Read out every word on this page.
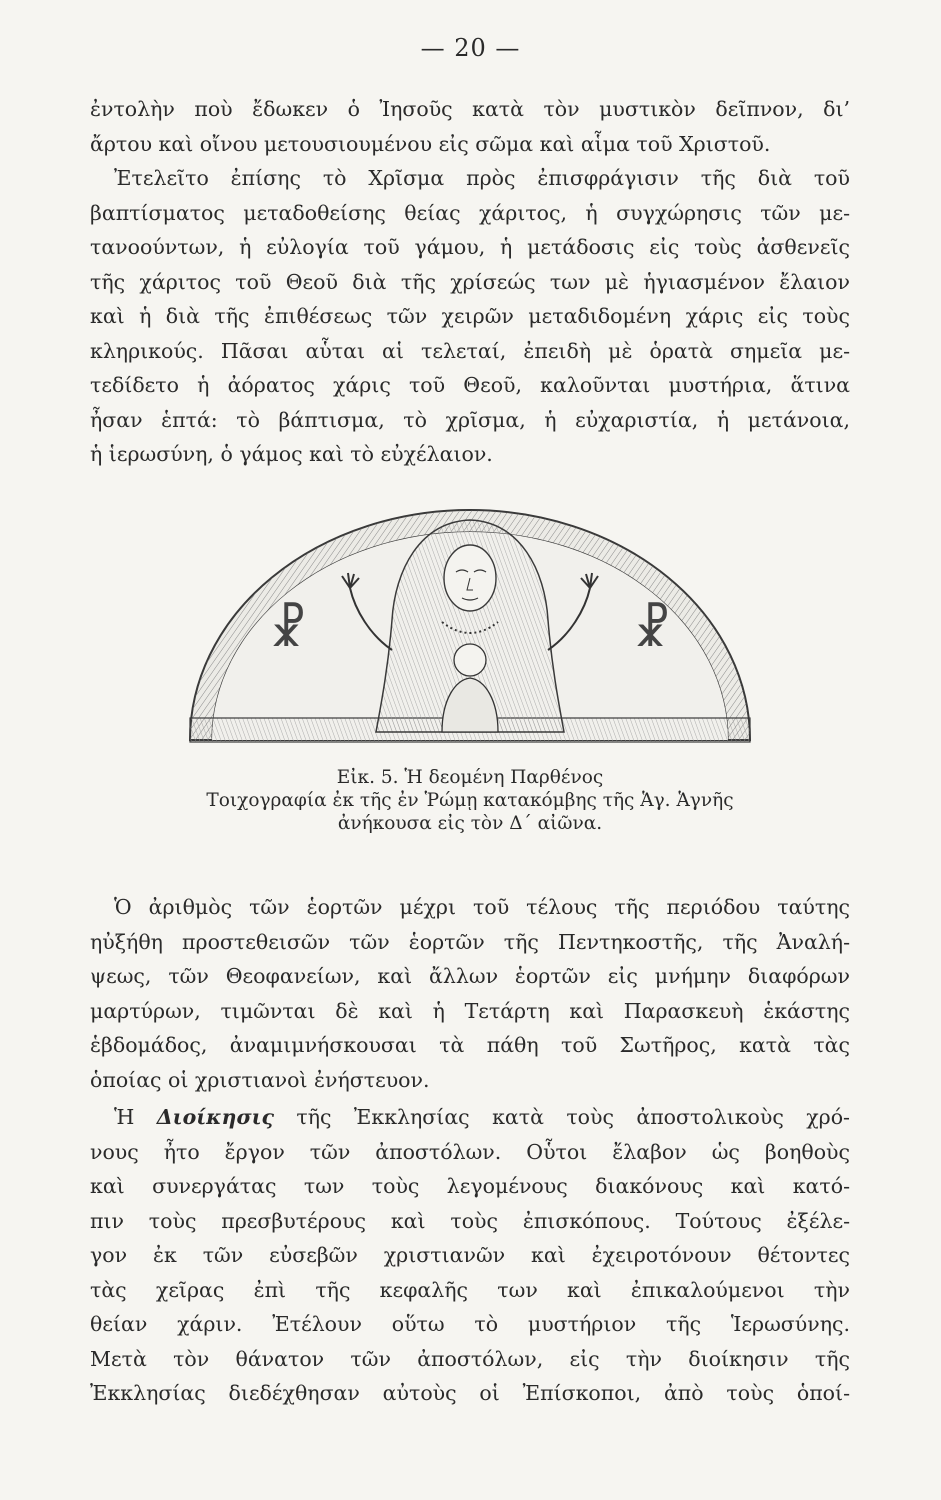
— 20 —
ἐντολὴν ποὺ ἔδωκεν ὁ Ἰησοῦς κατὰ τὸν μυστικὸν δεῖπνον, δι’
ἄρτου καὶ οἴνου μετουσιουμένου εἰς σῶμα καὶ αἷμα τοῦ Χριστοῦ.
Ἐτελεῖτο ἐπίσης τὸ Χρῖσμα πρὸς ἐπισφράγισιν τῆς διὰ τοῦ
βαπτίσματος μεταδοθείσης θείας χάριτος, ἡ συγχώρησις τῶν με-
τανοούντων, ἡ εὐλογία τοῦ γάμου, ἡ μετάδοσις εἰς τοὺς ἀσθενεῖς
τῆς χάριτος τοῦ Θεοῦ διὰ τῆς χρίσεώς των μὲ ἡγιασμένον ἔλαιον
καὶ ἡ διὰ τῆς ἐπιθέσεως τῶν χειρῶν μεταδιδομένη χάρις εἰς τοὺς
κληρικούς. Πᾶσαι αὗται αἱ τελεταί, ἐπειδὴ μὲ ὁρατὰ σημεῖα με-
τεδίδετο ἡ ἀόρατος χάρις τοῦ Θεοῦ, καλοῦνται μυστήρια, ἅτινα
ἦσαν ἑπτά: τὸ βάπτισμα, τὸ χρῖσμα, ἡ εὐχαριστία, ἡ μετάνοια,
ἡ ἱερωσύνη, ὁ γάμος καὶ τὸ εὐχέλαιον.
☧	☧
Εἰκ. 5. Ἡ δεομένη Παρθένος
Τοιχογραφία ἐκ τῆς ἐν Ῥώμῃ κατακόμβης τῆς Ἁγ. Ἁγνῆς
ἀνήκουσα εἰς τὸν Δ΄ αἰῶνα.
Ὁ ἀριθμὸς τῶν ἑορτῶν μέχρι τοῦ τέλους τῆς περιόδου ταύτης
ηὐξήθη προστεθεισῶν τῶν ἑορτῶν τῆς Πεντηκοστῆς, τῆς Ἀναλή-
ψεως, τῶν Θεοφανείων, καὶ ἄλλων ἑορτῶν εἰς μνήμην διαφόρων
μαρτύρων, τιμῶνται δὲ καὶ ἡ Τετάρτη καὶ Παρασκευὴ ἑκάστης
ἑβδομάδος, ἀναμιμνήσκουσαι τὰ πάθη τοῦ Σωτῆρος, κατὰ τὰς
ὁποίας οἱ χριστιανοὶ ἐνήστευον.
Ἡ Διοίκησις τῆς Ἐκκλησίας κατὰ τοὺς ἀποστολικοὺς χρό-
νους ἦτο ἔργον τῶν ἀποστόλων. Οὗτοι ἔλαβον ὡς βοηθοὺς
καὶ συνεργάτας των τοὺς λεγομένους διακόνους καὶ κατό-
πιν τοὺς πρεσβυτέρους καὶ τοὺς ἐπισκόπους. Τούτους ἐξέλε-
γον ἐκ τῶν εὐσεβῶν χριστιανῶν καὶ ἐχειροτόνουν θέτοντες
τὰς χεῖρας ἐπὶ τῆς κεφαλῆς των καὶ ἐπικαλούμενοι τὴν
θείαν χάριν. Ἐτέλουν οὕτω τὸ μυστήριον τῆς Ἱερωσύνης.
Μετὰ τὸν θάνατον τῶν ἀποστόλων, εἰς τὴν διοίκησιν τῆς
Ἐκκλησίας διεδέχθησαν αὐτοὺς οἱ Ἐπίσκοποι, ἀπὸ τοὺς ὁποί-
